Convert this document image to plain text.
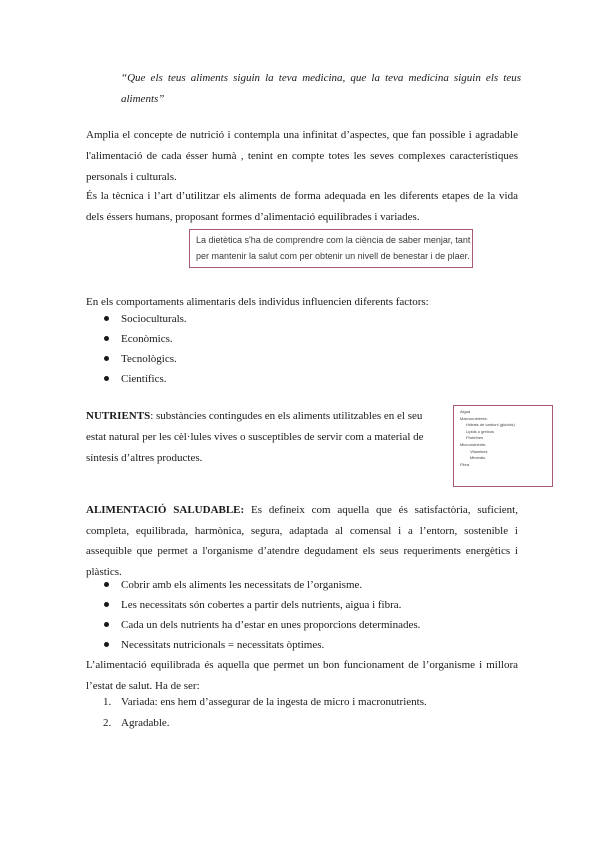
“Que els teus aliments siguin la teva medicina, que la teva medicina siguin els teus aliments”
Amplia el concepte de nutrició i contempla una infinitat d’aspectes, que fan possible i agradable l'alimentació de cada ésser humà , tenint en compte totes les seves complexes característiques personals i culturals.
És la tècnica i l’art d’utilitzar els aliments de forma adequada en les diferents etapes de la vida dels éssers humans, proposant formes d’alimentació equilibrades i variades.
La dietètica s'ha de comprendre com la ciència de saber menjar, tant
per mantenir la salut com per obtenir un nivell de benestar i de plaer.
En els comportaments alimentaris dels individus influencien diferents factors:
Socioculturals.
Econòmics.
Tecnològics.
Científics.
NUTRIENTS: substàncies contingudes en els aliments utilitzables en el seu estat natural per les cèl·lules vives o susceptibles de servir com a material de síntesis d’altres productes.
Aigua
Macronutrients:
Hidrats de carboni (glúcids)
Lípids o greixos
Proteïnes
Micronutrients:
Vitamines
Minerals
Fibra
ALIMENTACIÓ SALUDABLE: Es defineix com aquella que és satisfactòria, suficient, completa, equilibrada, harmònica, segura, adaptada al comensal i a l’entorn, sostenible i assequible que permet a l'organisme d’atendre degudament els seus requeriments energètics i plàstics.
Cobrir amb els aliments les necessitats de l’organisme.
Les necessitats són cobertes a partir dels nutrients, aigua i fibra.
Cada un dels nutrients ha d’estar en unes proporcions determinades.
Necessitats nutricionals = necessitats òptimes.
L’alimentació equilibrada és aquella que permet un bon funcionament de l’organisme i millora l’estat de salut. Ha de ser:
1. Variada: ens hem d’assegurar de la ingesta de micro i macronutrients.
2. Agradable.
